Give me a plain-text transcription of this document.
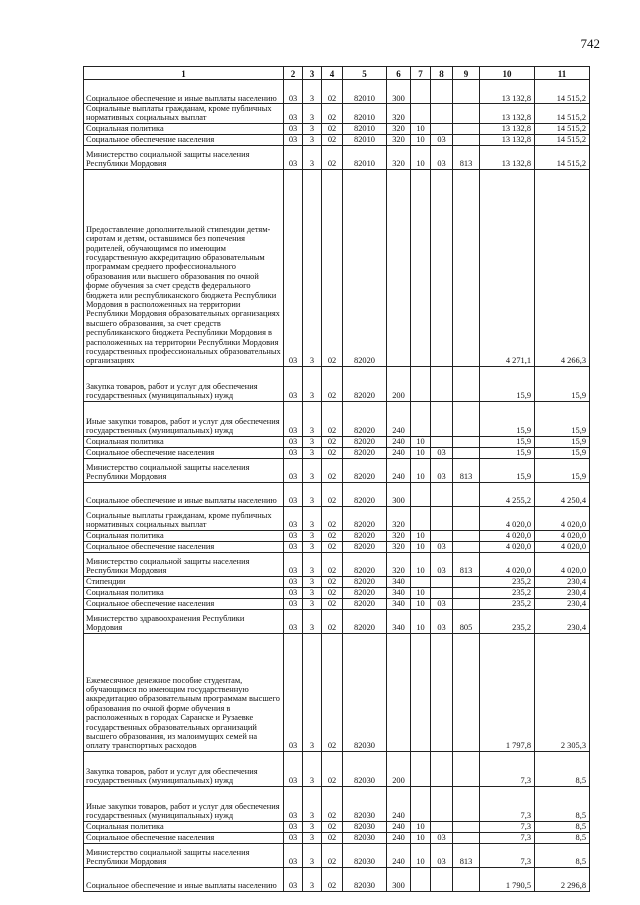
742
1	2	3	4	5	6	7	8	9	10	11
Социальное обеспечение и иные выплаты населению	03	3	02	82010	300				13 132,8	14 515,2
Социальные выплаты гражданам, кроме публичных нормативных социальных выплат	03	3	02	82010	320				13 132,8	14 515,2
Социальная политика	03	3	02	82010	320	10			13 132,8	14 515,2
Социальное обеспечение населения	03	3	02	82010	320	10	03		13 132,8	14 515,2
Министерство социальной защиты населения Республики Мордовия	03	3	02	82010	320	10	03	813	13 132,8	14 515,2
Предоставление дополнительной стипендии детям-сиротам и детям, оставшимся без попечения родителей, обучающимся по имеющим государственную аккредитацию образовательным программам среднего профессионального образования или высшего образования по очной форме обучения за счет средств федерального бюджета или республиканского бюджета Республики Мордовия в расположенных на территории Республики Мордовия образовательных организациях высшего образования, за счет средств республиканского бюджета Республики Мордовия в расположенных на территории Республики Мордовия государственных профессиональных образовательных организациях	03	3	02	82020					4 271,1	4 266,3
Закупка товаров, работ и услуг для обеспечения государственных (муниципальных) нужд	03	3	02	82020	200				15,9	15,9
Иные закупки товаров, работ и услуг для обеспечения государственных (муниципальных) нужд	03	3	02	82020	240				15,9	15,9
Социальная политика	03	3	02	82020	240	10			15,9	15,9
Социальное обеспечение населения	03	3	02	82020	240	10	03		15,9	15,9
Министерство социальной защиты населения Республики Мордовия	03	3	02	82020	240	10	03	813	15,9	15,9
Социальное обеспечение и иные выплаты населению	03	3	02	82020	300				4 255,2	4 250,4
Социальные выплаты гражданам, кроме публичных нормативных социальных выплат	03	3	02	82020	320				4 020,0	4 020,0
Социальная политика	03	3	02	82020	320	10			4 020,0	4 020,0
Социальное обеспечение населения	03	3	02	82020	320	10	03		4 020,0	4 020,0
Министерство социальной защиты населения Республики Мордовия	03	3	02	82020	320	10	03	813	4 020,0	4 020,0
Стипендии	03	3	02	82020	340				235,2	230,4
Социальная политика	03	3	02	82020	340	10			235,2	230,4
Социальное обеспечение населения	03	3	02	82020	340	10	03		235,2	230,4
Министерство здравоохранения Республики Мордовия	03	3	02	82020	340	10	03	805	235,2	230,4
Ежемесячное денежное пособие студентам, обучающимся по имеющим государственную аккредитацию образовательным программам высшего образования по очной форме обучения в расположенных в городах Саранске и Рузаевке государственных образовательных организаций высшего образования, из малоимущих семей на оплату транспортных расходов	03	3	02	82030					1 797,8	2 305,3
Закупка товаров, работ и услуг для обеспечения государственных (муниципальных) нужд	03	3	02	82030	200				7,3	8,5
Иные закупки товаров, работ и услуг для обеспечения государственных (муниципальных) нужд	03	3	02	82030	240				7,3	8,5
Социальная политика	03	3	02	82030	240	10			7,3	8,5
Социальное обеспечение населения	03	3	02	82030	240	10	03		7,3	8,5
Министерство социальной защиты населения Республики Мордовия	03	3	02	82030	240	10	03	813	7,3	8,5
Социальное обеспечение и иные выплаты населению	03	3	02	82030	300				1 790,5	2 296,8
